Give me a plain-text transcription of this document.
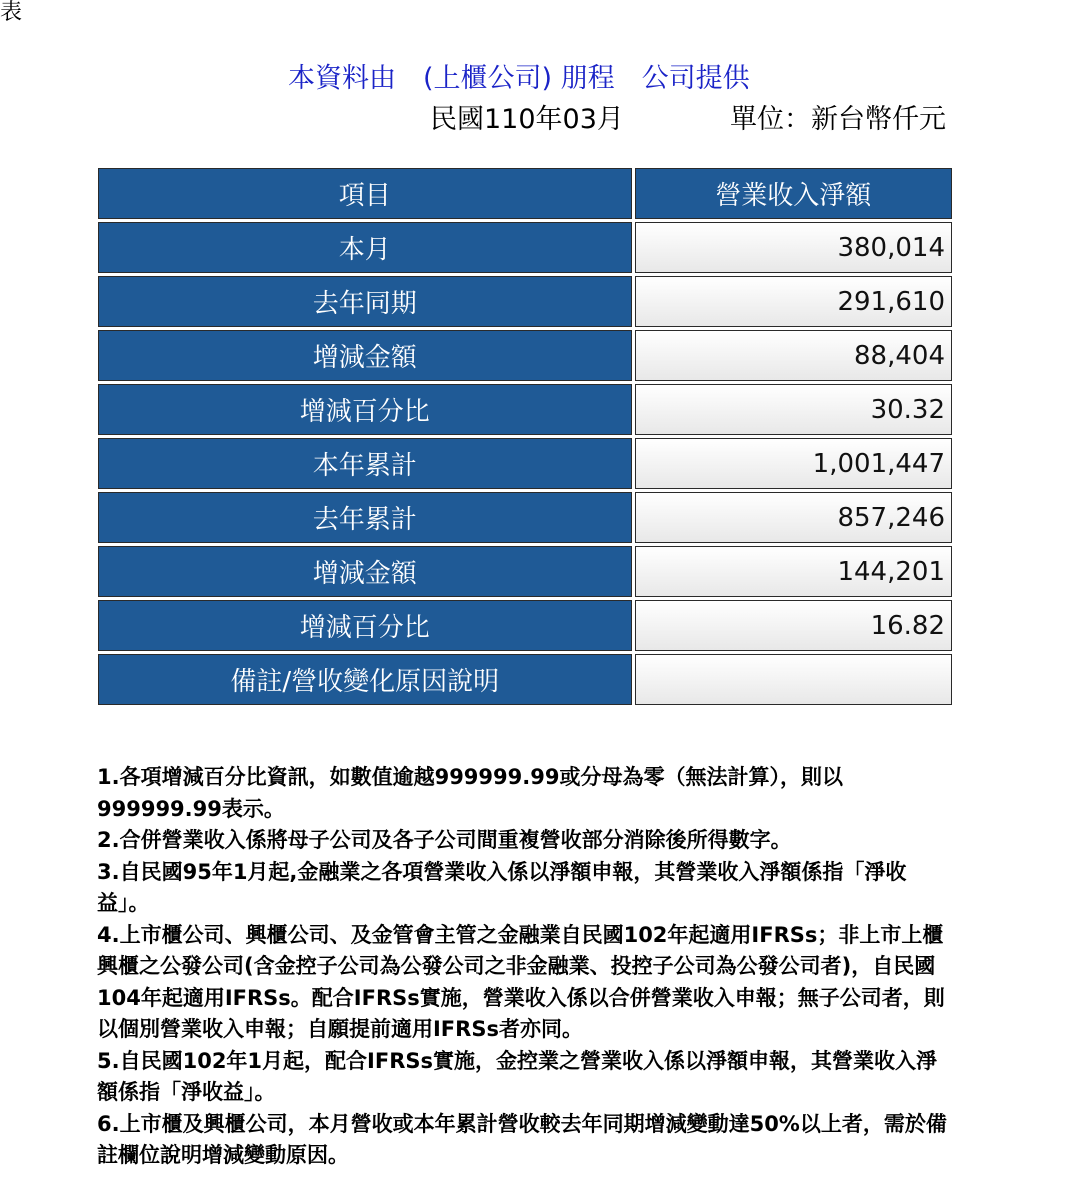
表
本資料由　(上櫃公司) 朋程　公司提供
民國110年03月	單位：新台幣仟元
項目	營業收入淨額
本月	380,014
去年同期	291,610
增減金額	88,404
增減百分比	30.32
本年累計	1,001,447
去年累計	857,246
增減金額	144,201
增減百分比	16.82
備註/營收變化原因說明	

1.各項增減百分比資訊，如數值逾越999999.99或分母為零（無法計算），則以999999.99表示。

2.合併營業收入係將母子公司及各子公司間重複營收部分消除後所得數字。

3.自民國95年1月起,金融業之各項營業收入係以淨額申報，其營業收入淨額係指「淨收益」。

4.上市櫃公司、興櫃公司、及金管會主管之金融業自民國102年起適用IFRSs；非上市上櫃興櫃之公發公司(含金控子公司為公發公司之非金融業、投控子公司為公發公司者)，自民國104年起適用IFRSs。配合IFRSs實施，營業收入係以合併營業收入申報；無子公司者，則以個別營業收入申報；自願提前適用IFRSs者亦同。

5.自民國102年1月起，配合IFRSs實施，金控業之營業收入係以淨額申報，其營業收入淨額係指「淨收益」。

6.上市櫃及興櫃公司，本月營收或本年累計營收較去年同期增減變動達50%以上者，需於備註欄位說明增減變動原因。
